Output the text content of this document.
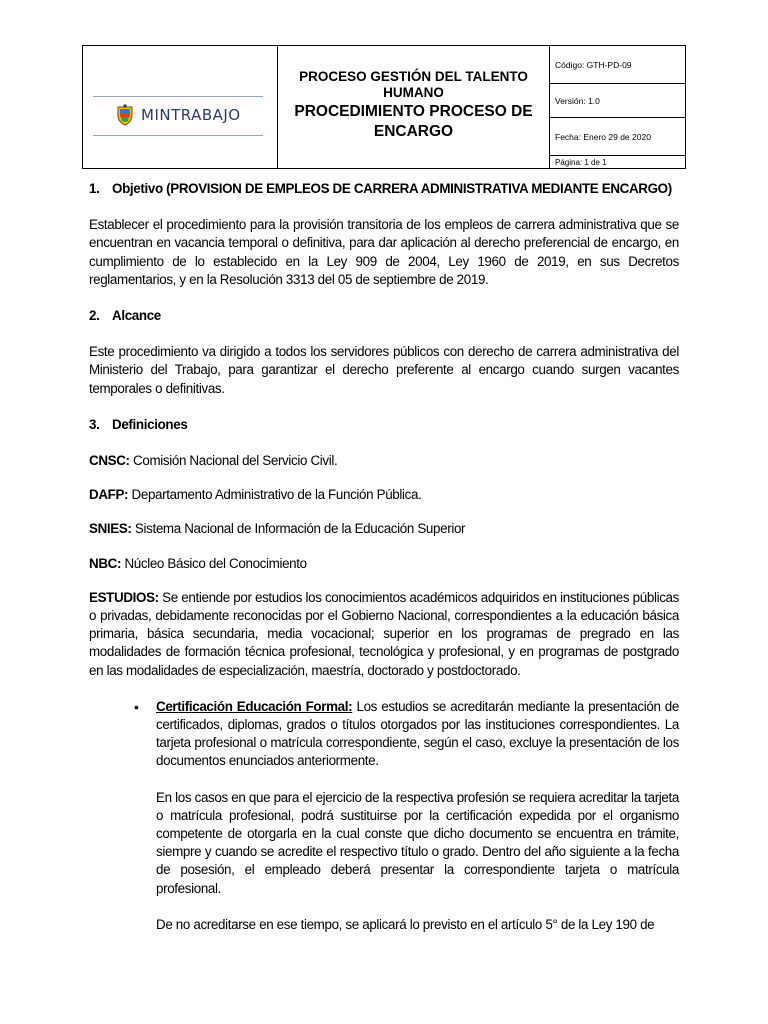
MINTRABAJO
PROCESO GESTIÓN DEL TALENTO HUMANO
PROCEDIMIENTO PROCESO DE ENCARGO
Código: GTH-PD-09
Versión: 1.0
Fecha: Enero 29 de 2020
Página: 1 de 1

1. Objetivo (PROVISION DE EMPLEOS DE CARRERA ADMINISTRATIVA MEDIANTE ENCARGO)

Establecer el procedimiento para la provisión transitoria de los empleos de carrera administrativa que se encuentran en vacancia temporal o definitiva, para dar aplicación al derecho preferencial de encargo, en cumplimiento de lo establecido en la Ley 909 de 2004, Ley 1960 de 2019, en sus Decretos reglamentarios, y en la Resolución 3313 del 05 de septiembre de 2019.

2. Alcance

Este procedimiento va dirigido a todos los servidores públicos con derecho de carrera administrativa del Ministerio del Trabajo, para garantizar el derecho preferente al encargo cuando surgen vacantes temporales o definitivas.

3. Definiciones

CNSC: Comisión Nacional del Servicio Civil.

DAFP: Departamento Administrativo de la Función Pública.

SNIES: Sistema Nacional de Información de la Educación Superior

NBC: Núcleo Básico del Conocimiento

ESTUDIOS: Se entiende por estudios los conocimientos académicos adquiridos en instituciones públicas o privadas, debidamente reconocidas por el Gobierno Nacional, correspondientes a la educación básica primaria, básica secundaria, media vocacional; superior en los programas de pregrado en las modalidades de formación técnica profesional, tecnológica y profesional, y en programas de postgrado en las modalidades de especialización, maestría, doctorado y postdoctorado.

• Certificación Educación Formal: Los estudios se acreditarán mediante la presentación de certificados, diplomas, grados o títulos otorgados por las instituciones correspondientes. La tarjeta profesional o matrícula correspondiente, según el caso, excluye la presentación de los documentos enunciados anteriormente.

En los casos en que para el ejercicio de la respectiva profesión se requiera acreditar la tarjeta o matrícula profesional, podrá sustituirse por la certificación expedida por el organismo competente de otorgarla en la cual conste que dicho documento se encuentra en trámite, siempre y cuando se acredite el respectivo título o grado. Dentro del año siguiente a la fecha de posesión, el empleado deberá presentar la correspondiente tarjeta o matrícula profesional.

De no acreditarse en ese tiempo, se aplicará lo previsto en el artículo 5° de la Ley 190 de
